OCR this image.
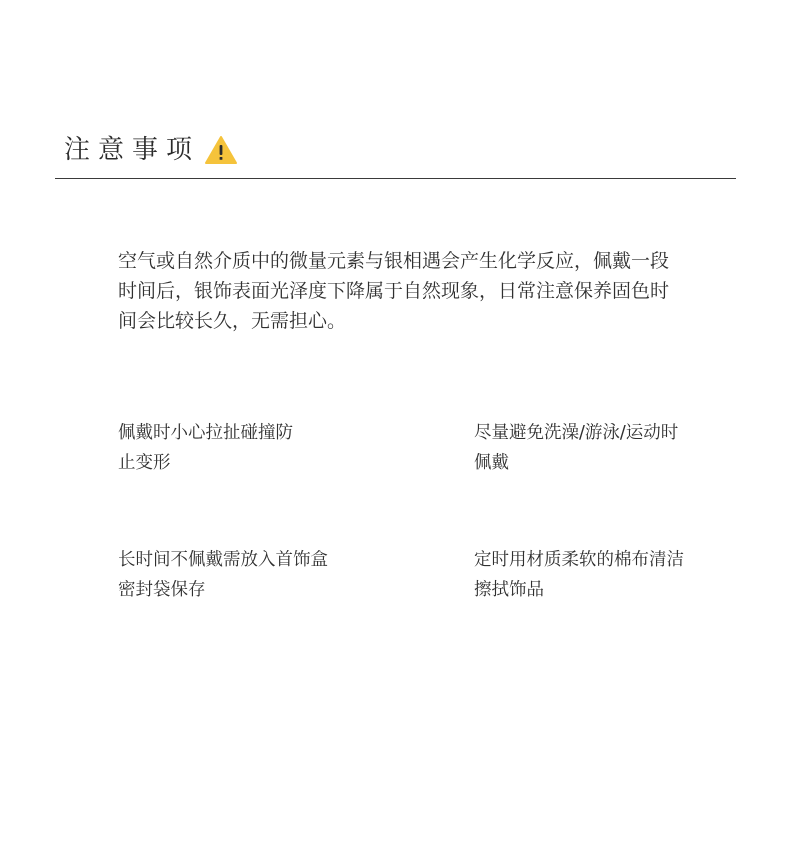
注意事项

空气或自然介质中的微量元素与银相遇会产生化学反应，佩戴一段时间后，银饰表面光泽度下降属于自然现象，日常注意保养固色时间会比较长久，无需担心。

佩戴时小心拉扯碰撞防止变形

尽量避免洗澡/游泳/运动时佩戴

长时间不佩戴需放入首饰盒密封袋保存

定时用材质柔软的棉布清洁擦拭饰品
